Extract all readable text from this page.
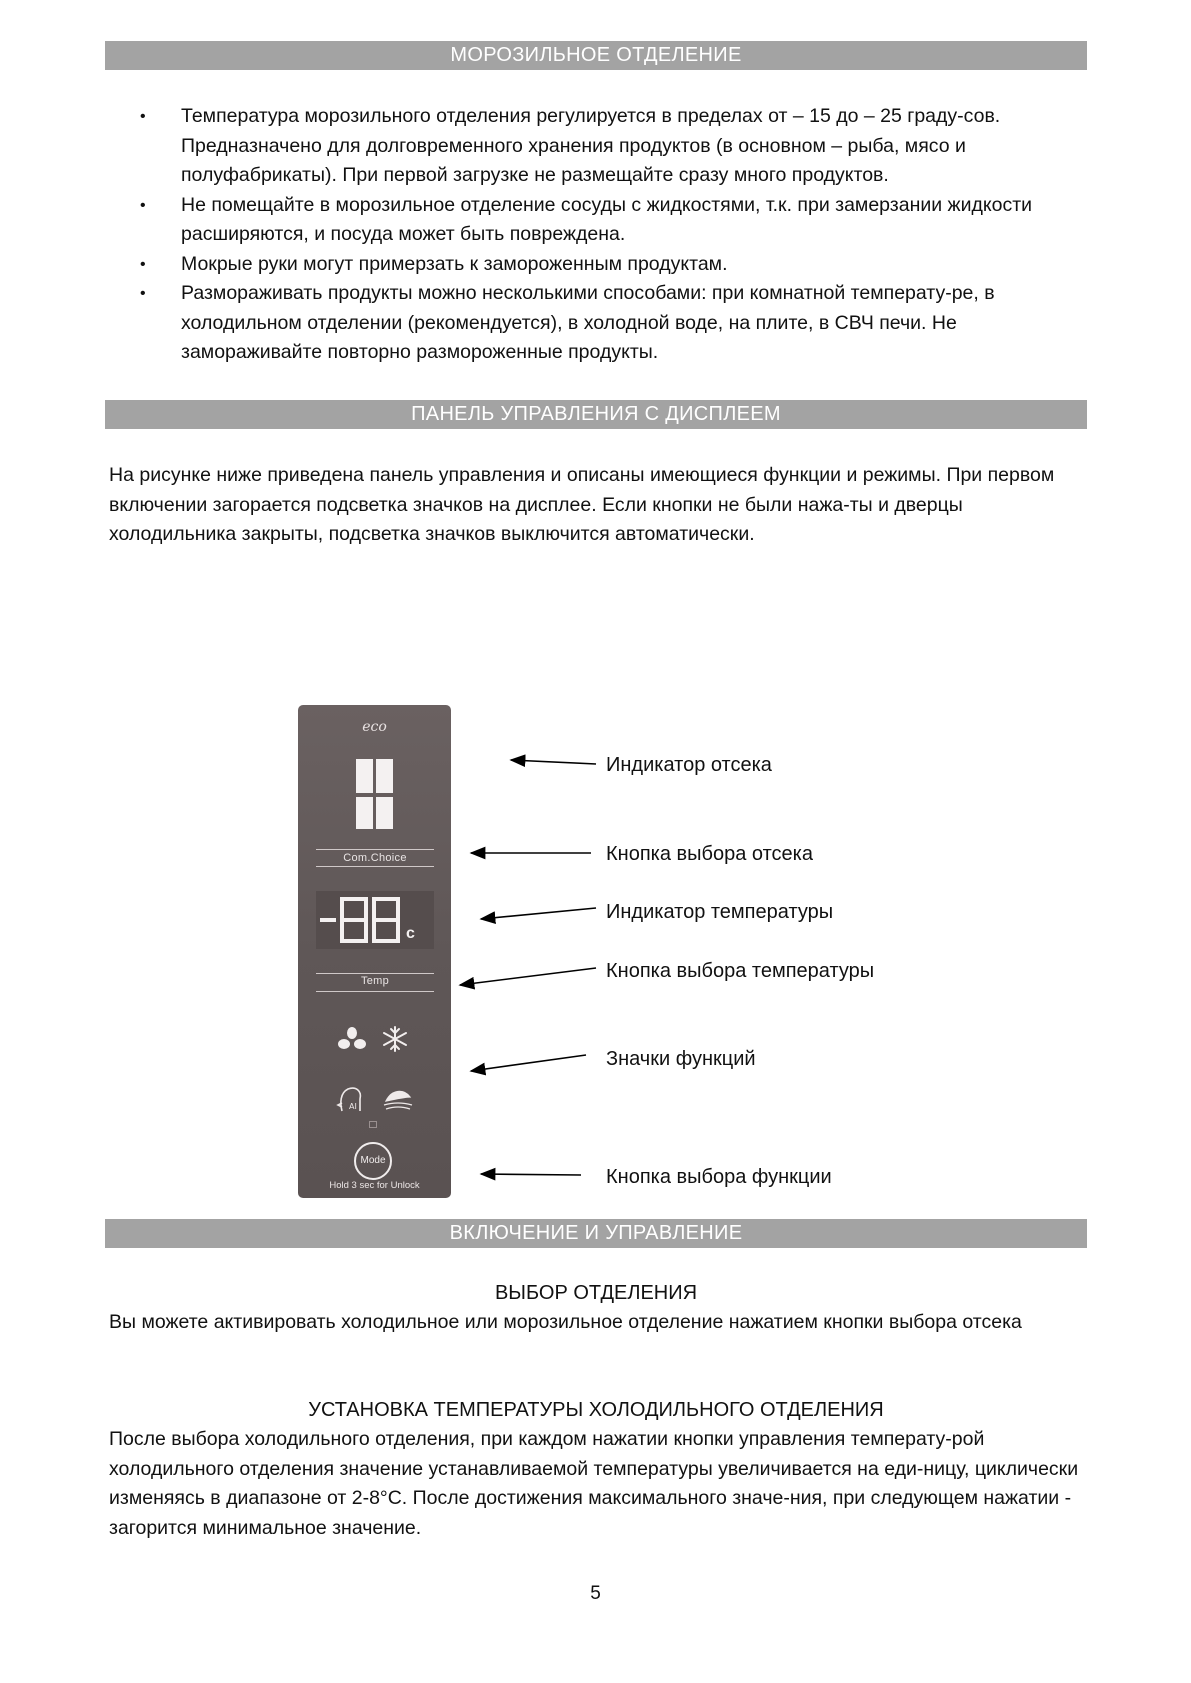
МОРОЗИЛЬНОЕ ОТДЕЛЕНИЕ
• Температура морозильного отделения регулируется в пределах от – 15 до – 25 граду-сов. Предназначено для долговременного хранения продуктов (в основном – рыба, мясо и полуфабрикаты). При первой загрузке не размещайте сразу много продуктов.
• Не помещайте в морозильное отделение сосуды с жидкостями, т.к. при замерзании жидкости расширяются, и посуда может быть повреждена.
• Мокрые руки могут примерзать к замороженным продуктам.
• Размораживать продукты можно несколькими способами: при комнатной температу-ре, в холодильном отделении (рекомендуется), в холодной воде, на плите, в СВЧ печи. Не замораживайте повторно размороженные продукты.
ПАНЕЛЬ УПРАВЛЕНИЯ С ДИСПЛЕЕМ

На рисунке ниже приведена панель управления и описаны имеющиеся функции и режимы. При первом включении загорается подсветка значков на дисплее. Если кнопки не были нажа-ты и дверцы холодильника закрыты, подсветка значков выключится автоматически.

eco
Com.Choice
c
Temp
AI
Mode
Hold 3 sec for Unlock
Индикатор отсека
Кнопка выбора отсека
Индикатор температуры
Кнопка выбора температуры
Значки функций
Кнопка выбора функции
ВКЛЮЧЕНИЕ И УПРАВЛЕНИЕ
ВЫБОР ОТДЕЛЕНИЯ

Вы можете активировать холодильное или морозильное отделение нажатием кнопки выбора отсека

УСТАНОВКА ТЕМПЕРАТУРЫ ХОЛОДИЛЬНОГО ОТДЕЛЕНИЯ

После выбора холодильного отделения, при каждом нажатии кнопки управления температу-рой холодильного отделения значение устанавливаемой температуры увеличивается на еди-ницу, циклически изменяясь в диапазоне от 2-8°C. После достижения максимального значе-ния, при следующем нажатии - загорится минимальное значение.

5
